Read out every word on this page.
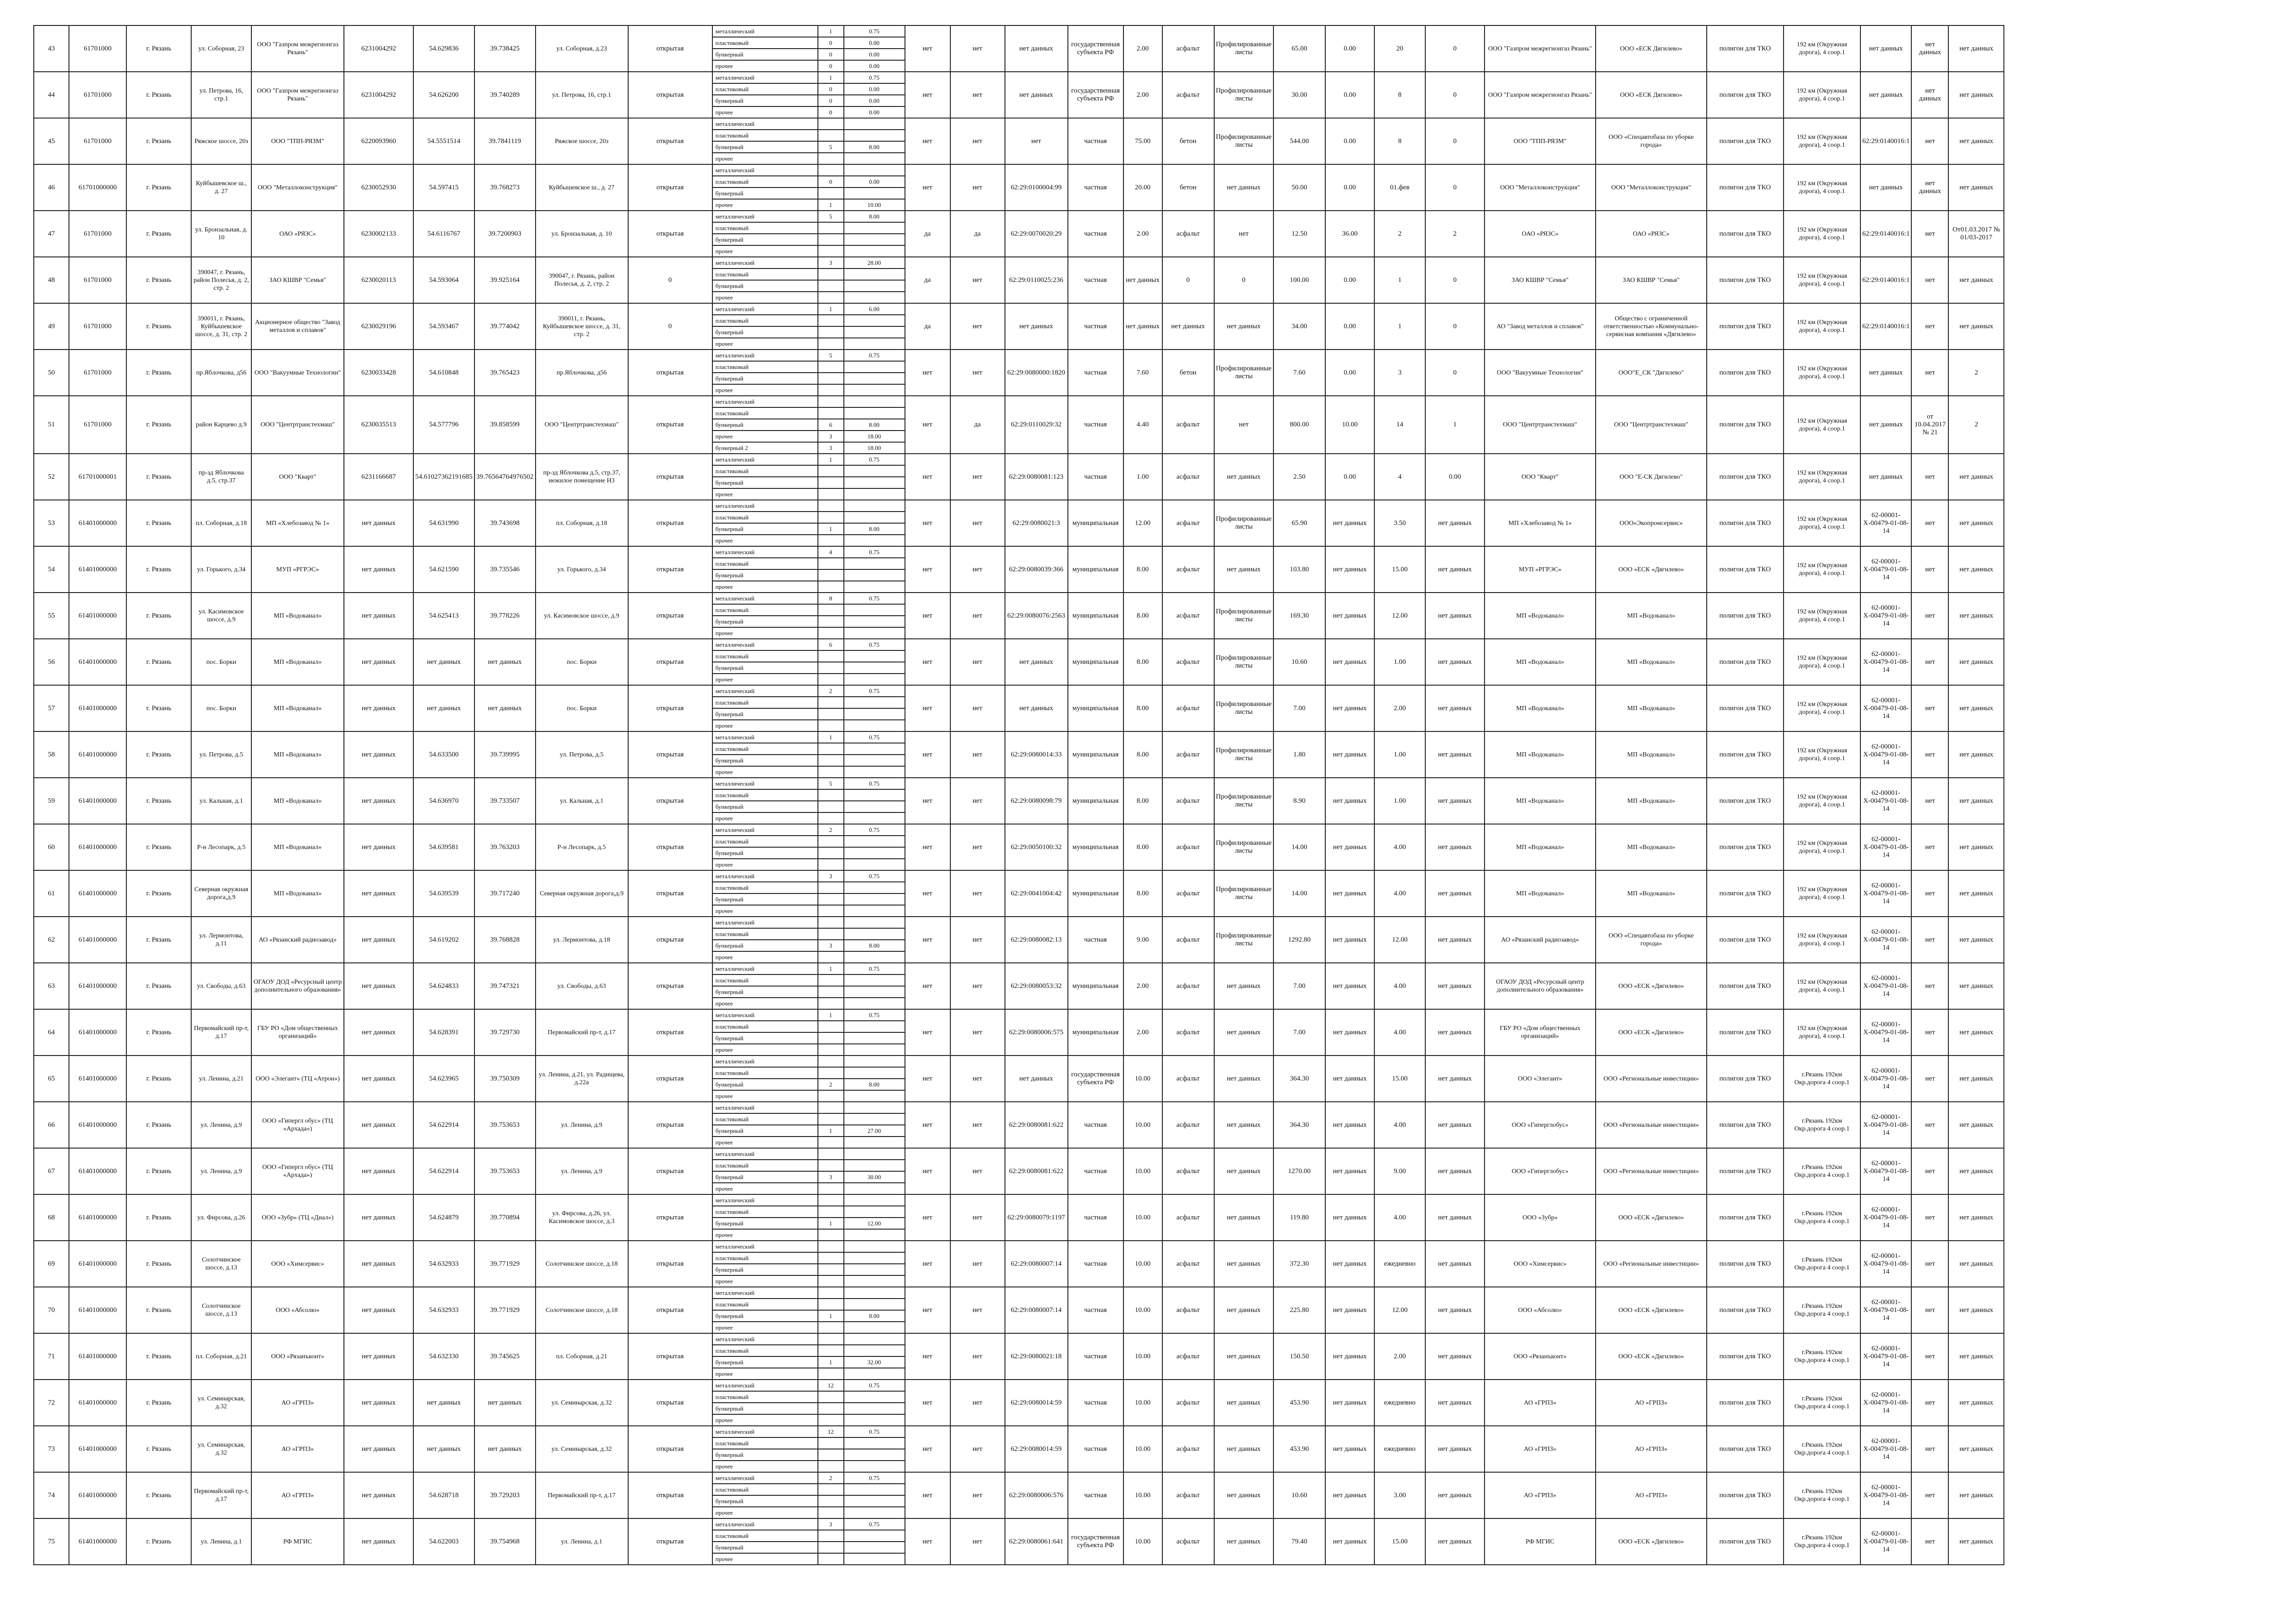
43	61701000	г. Рязань	ул. Соборная, 23	ООО "Газпром межрегионгаз Рязань"	6231004292	54.629836	39.738425	ул. Соборная, д.23	открытая	металлический	1	0.75	нет	нет	нет данных	государственная субъекта РФ	2.00	асфальт	Профилированные листы	65.00	0.00	20	0	ООО "Газпром межрегионгаз Рязань"	ООО «ЕСК Дягилево»	полигон для ТКО	192 км (Окружная дорога), 4 соор.1	нет данных	нет данных	нет данных
										пластиковый	0	0.00																		
										бункерный	0	0.00																		
										прочее	0	0.00																		
44	61701000	г. Рязань	ул. Петрова, 16, стр.1	ООО "Газпром межрегионгаз Рязань"	6231004292	54.626200	39.740289	ул. Петрова, 16, стр.1	открытая	металлический	1	0.75	нет	нет	нет данных	государственная субъекта РФ	2.00	асфальт	Профилированные листы	30.00	0.00	8	0	ООО "Газпром межрегионгаз Рязань"	ООО «ЕСК Дягилево»	полигон для ТКО	192 км (Окружная дорога), 4 соор.1	нет данных	нет данных	нет данных
										пластиковый	0	0.00																		
										бункерный	0	0.00																		
										прочее	0	0.00																		
45	61701000	г. Рязань	Ряжское шоссе, 20з	ООО "ТПП-РЯЗМ"	6220093960	54.5551514	39.7841119	Ряжское шоссе, 20з	открытая	металлический			нет	нет	нет	частная	75.00	бетон	Профилированные листы	544.00	0.00	8	0	ООО "ТПП-РЯЗМ"	ООО «Спецавтобаза по уборке города»	полигон для ТКО	192 км (Окружная дорога), 4 соор.1	62:29:0140016:1	нет	нет данных
										пластиковый																				
										бункерный	5	8.00																		
										прочее																				
46	61701000000	г. Рязань	Куйбышевское ш., д. 27	ООО "Металлоконструкция"	6230052930	54.597415	39.768273	Куйбышевское ш., д. 27	открытая	металлический			нет	нет	62:29:0100004:99	частная	20.00	бетон	нет данных	50.00	0.00	01.фев	0	ООО "Металлоконструкция"	ООО "Металлоконструкция"	полигон для ТКО	192 км (Окружная дорога), 4 соор.1	нет данных	нет данных	нет данных
										пластиковый	0	0.00																		
										бункерный																				
										прочее	1	10.00																		
47	61701000	г. Рязань	ул. Бронзальная, д. 10	ОАО «РЯЗС»	6230002133	54.6116767	39.7200903	ул. Бронзальная, д. 10	открытая	металлический	5	8.00	да	да	62:29:0070020:29	частная	2.00	асфальт	нет	12.50	36.00	2	2	ОАО «РЯЗС»	ОАО «РЯЗС»	полигон для ТКО	192 км (Окружная дорога), 4 соор.1	62:29:0140016:1	нет	От01.03.2017 № 01/03-2017
										пластиковый																				
										бункерный																				
										прочее																				
48	61701000	г. Рязань	390047, г. Рязань, район Полесья, д. 2, стр. 2	ЗАО КШВР "Семья"	6230020113	54.593064	39.925164	390047, г. Рязань, район Полесья, д. 2, стр. 2	0	металлический	3	28.00	да	нет	62:29:0110025:236	частная	нет данных	0	0	100.00	0.00	1	0	ЗАО КШВР "Семья"	ЗАО КШВР "Семья"	полигон для ТКО	192 км (Окружная дорога), 4 соор.1	62:29:0140016:1	нет	нет данных
										пластиковый																				
										бункерный																				
										прочее																				
49	61701000	г. Рязань	390011, г. Рязань, Куйбышевское шоссе, д. 31, стр. 2	Акционерное общество "Завод металлов и сплавов"	6230029196	54.593467	39.774042	390011, г. Рязань, Куйбышевское шоссе, д. 31, стр. 2	0	металлический	1	6.00	да	нет	нет данных	частная	нет данных	нет данных	нет данных	34.00	0.00	1	0	АО "Завод металлов и сплавов"	Общество с ограниченной ответственностью «Коммунально-сервисная компания «Дягилево»	полигон для ТКО	192 км (Окружная дорога), 4 соор.1	62:29:0140016:1	нет	нет данных
										пластиковый																				
										бункерный																				
										прочее																				
50	61701000	г. Рязань	пр.Яблочкова, д56	ООО "Вакуумные Технологии"	6230033428	54.610848	39.765423	пр.Яблочкова, д56	открытая	металлический	5	0.75	нет	нет	62:29:0080000:1820	частная	7.60	бетон	Профилированные листы	7.60	0.00	3	0	ООО "Вакуумные Технологии"	ООО"Е_СК "Дягилево"	полигон для ТКО	192 км (Окружная дорога), 4 соор.1	нет данных	нет	2
										пластиковый																				
										бункерный																				
										прочее																				
51	61701000	г. Рязань	район Карцево д.9	ООО "Центртранстехмаш"	6230035513	54.577796	39.858599	ООО "Центртранстехмаш"	открытая	металлический			нет	да	62:29:0110029:32	частная	4.40	асфальт	нет	800.00	10.00	14	1	ООО "Центртранстехмаш"	ООО "Центртранстехмаш"	полигон для ТКО	192 км (Окружная дорога), 4 соор.1	нет данных	от 10.04.2017 № 21	2
										пластиковый																				
										бункерный	6	8.00																		
										прочее	3	18.00																		
										бункерный 2	3	18.00																		
52	61701000001	г. Рязань	пр-зд Яблочкова д.5, стр.37	ООО "Кварт"	6231166687	54.61027362191685	39.76564764976502	пр-зд Яблочкова д.5, стр.37, нежилое помещение Н3	открытая	металлический	1	0.75	нет	нет	62:29:0080081:123	частная	1.00	асфальт	нет данных	2.50	0.00	4	0.00	ООО "Кварт"	ООО "Е-СК Дягилево"	полигон для ТКО	192 км (Окружная дорога), 4 соор.1	нет данных	нет	нет данных
										пластиковый																				
										бункерный																				
										прочее																				
53	61401000000	г. Рязань	пл. Соборная, д.18	МП «Хлебозавод № 1»	нет данных	54.631990	39.743698	пл. Соборная, д.18	открытая	металлический			нет	нет	62:29:0080021:3	муниципальная	12.00	асфальт	Профилированные листы	65.90	нет данных	3.50	нет данных	МП «Хлебозавод № 1»	ООО«Экопромсервис»	полигон для ТКО	192 км (Окружная дорога), 4 соор.1	62-00001-Х-00479-01-08-14	нет	нет данных
										пластиковый																				
										бункерный	1	8.00																		
										прочее																				
54	61401000000	г. Рязань	ул. Горького, д.34	МУП «РГРЭС»	нет данных	54.621590	39.735546	ул. Горького, д.34	открытая	металлический	4	0.75	нет	нет	62:29:0080039:366	муниципальная	8.00	асфальт	нет данных	103.80	нет данных	15.00	нет данных	МУП «РГРЭС»	ООО «ЕСК «Дягилево»	полигон для ТКО	192 км (Окружная дорога), 4 соор.1	62-00001-Х-00479-01-08-14	нет	нет данных
										пластиковый																				
										бункерный																				
										прочее																				
55	61401000000	г. Рязань	ул. Касимовское шоссе, д.9	МП «Водоканал»	нет данных	54.625413	39.778226	ул. Касимовское шоссе, д.9	открытая	металлический	8	0.75	нет	нет	62:29:0080076:2563	муниципальная	8.00	асфальт	Профилированные листы	169.30	нет данных	12.00	нет данных	МП «Водоканал»	МП «Водоканал»	полигон для ТКО	192 км (Окружная дорога), 4 соор.1	62-00001-Х-00479-01-08-14	нет	нет данных
										пластиковый																				
										бункерный																				
										прочее																				
56	61401000000	г. Рязань	пос. Борки	МП «Водоканал»	нет данных	нет данных	нет данных	пос. Борки	открытая	металлический	6	0.75	нет	нет	нет данных	муниципальная	8.00	асфальт	Профилированные листы	10.60	нет данных	1.00	нет данных	МП «Водоканал»	МП «Водоканал»	полигон для ТКО	192 км (Окружная дорога), 4 соор.1	62-00001-Х-00479-01-08-14	нет	нет данных
										пластиковый																				
										бункерный																				
										прочее																				
57	61401000000	г. Рязань	пос. Борки	МП «Водоканал»	нет данных	нет данных	нет данных	пос. Борки	открытая	металлический	2	0.75	нет	нет	нет данных	муниципальная	8.00	асфальт	Профилированные листы	7.00	нет данных	2.00	нет данных	МП «Водоканал»	МП «Водоканал»	полигон для ТКО	192 км (Окружная дорога), 4 соор.1	62-00001-Х-00479-01-08-14	нет	нет данных
										пластиковый																				
										бункерный																				
										прочее																				
58	61401000000	г. Рязань	ул. Петрова, д.5	МП «Водоканал»	нет данных	54.633500	39.739995	ул. Петрова, д.5	открытая	металлический	1	0.75	нет	нет	62:29:0080014:33	муниципальная	8.00	асфальт	Профилированные листы	1.80	нет данных	1.00	нет данных	МП «Водоканал»	МП «Водоканал»	полигон для ТКО	192 км (Окружная дорога), 4 соор.1	62-00001-Х-00479-01-08-14	нет	нет данных
										пластиковый																				
										бункерный																				
										прочее																				
59	61401000000	г. Рязань	ул. Кальная, д.1	МП «Водоканал»	нет данных	54.636970	39.733507	ул. Кальная, д.1	открытая	металлический	5	0.75	нет	нет	62:29:0080098:79	муниципальная	8.00	асфальт	Профилированные листы	8.90	нет данных	1.00	нет данных	МП «Водоканал»	МП «Водоканал»	полигон для ТКО	192 км (Окружная дорога), 4 соор.1	62-00001-Х-00479-01-08-14	нет	нет данных
										пластиковый																				
										бункерный																				
										прочее																				
60	61401000000	г. Рязань	Р-н Лесопарк, д.5	МП «Водоканал»	нет данных	54.639581	39.763203	Р-н Лесопарк, д.5	открытая	металлический	2	0.75	нет	нет	62:29:0050100:32	муниципальная	8.00	асфальт	Профилированные листы	14.00	нет данных	4.00	нет данных	МП «Водоканал»	МП «Водоканал»	полигон для ТКО	192 км (Окружная дорога), 4 соор.1	62-00001-Х-00479-01-08-14	нет	нет данных
										пластиковый																				
										бункерный																				
										прочее																				
61	61401000000	г. Рязань	Северная окружная дорога,д.9	МП «Водоканал»	нет данных	54.639539	39.717240	Северная окружная дорога,д.9	открытая	металлический	3	0.75	нет	нет	62:29:0041004:42	муниципальная	8.00	асфальт	Профилированные листы	14.00	нет данных	4.00	нет данных	МП «Водоканал»	МП «Водоканал»	полигон для ТКО	192 км (Окружная дорога), 4 соор.1	62-00001-Х-00479-01-08-14	нет	нет данных
										пластиковый																				
										бункерный																				
										прочее																				
62	61401000000	г. Рязань	ул. Лермонтова, д.11	АО «Рязанский радиозавод»	нет данных	54.619202	39.768828	ул. Лермонтова, д.18	открытая	металлический			нет	нет	62:29:0080082:13	частная	9.00	асфальт	Профилированные листы	1292.80	нет данных	12.00	нет данных	АО «Рязанский радиозавод»	ООО «Спецавтобаза по уборке города»	полигон для ТКО	192 км (Окружная дорога), 4 соор.1	62-00001-Х-00479-01-08-14	нет	нет данных
										пластиковый																				
										бункерный	3	8.00																		
										прочее																				
63	61401000000	г. Рязань	ул. Свободы, д.63	ОГАОУ ДОД «Ресурсный центр дополнительного образования»	нет данных	54.624833	39.747321	ул. Свободы, д.63	открытая	металлический	1	0.75	нет	нет	62:29:0080053:32	муниципальная	2.00	асфальт	нет данных	7.00	нет данных	4.00	нет данных	ОГАОУ ДОД «Ресурсный центр дополнительного образования»	ООО «ЕСК «Дягилево»	полигон для ТКО	192 км (Окружная дорога), 4 соор.1	62-00001-Х-00479-01-08-14	нет	нет данных
										пластиковый																				
										бункерный																				
										прочее																				
64	61401000000	г. Рязань	Первомайский пр-т, д.17	ГБУ РО «Дом общественных организаций»	нет данных	54.628391	39.729730	Первомайский пр-т, д.17	открытая	металлический	1	0.75	нет	нет	62:29:0080006:575	муниципальная	2.00	асфальт	нет данных	7.00	нет данных	4.00	нет данных	ГБУ РО «Дом общественных организаций»	ООО «ЕСК «Дягилево»	полигон для ТКО	192 км (Окружная дорога), 4 соор.1	62-00001-Х-00479-01-08-14	нет	нет данных
										пластиковый																				
										бункерный																				
										прочее																				
65	61401000000	г. Рязань	ул. Ленина, д.21	ООО «Элегант» (ТЦ «Атрон»)	нет данных	54.623965	39.750309	ул. Ленина, д.21, ул. Радищева, д.22а	открытая	металлический			нет	нет	нет данных	государственная субъекта РФ	10.00	асфальт	нет данных	364.30	нет данных	15.00	нет данных	ООО «Элегант»	ООО «Региональные инвестиции»	полигон для ТКО	г.Рязань 192км Окр.дорога 4 соор.1	62-00001-Х-00479-01-08-14	нет	нет данных
										пластиковый																				
										бункерный	2	8.00																		
										прочее																				
66	61401000000	г. Рязань	ул. Ленина, д.9	ООО «Гипергл обус» (ТЦ «Архада»)	нет данных	54.622914	39.753653	ул. Ленина, д.9	открытая	металлический			нет	нет	62:29:0080081:622	частная	10.00	асфальт	нет данных	364.30	нет данных	4.00	нет данных	ООО «Гиперглобус»	ООО «Региональные инвестиции»	полигон для ТКО	г.Рязань 192км Окр.дорога 4 соор.1	62-00001-Х-00479-01-08-14	нет	нет данных
										пластиковый																				
										бункерный	1	27.00																		
										прочее																				
67	61401000000	г. Рязань	ул. Ленина, д.9	ООО «Гипергл обус» (ТЦ «Архада»)	нет данных	54.622914	39.753653	ул. Ленина, д.9	открытая	металлический			нет	нет	62:29:0080081:622	частная	10.00	асфальт	нет данных	1270.00	нет данных	9.00	нет данных	ООО «Гиперглобус»	ООО «Региональные инвестиции»	полигон для ТКО	г.Рязань 192км Окр.дорога 4 соор.1	62-00001-Х-00479-01-08-14	нет	нет данных
										пластиковый																				
										бункерный	3	30.00																		
										прочее																				
68	61401000000	г. Рязань	ул. Фирсова, д.26	ООО «Зубр» (ТЦ «Диал»)	нет данных	54.624879	39.770894	ул. Фирсова, д.26, ул. Касимовское шоссе, д.3	открытая	металлический			нет	нет	62:29:0080079:1197	частная	10.00	асфальт	нет данных	119.80	нет данных	4.00	нет данных	ООО «Зубр»	ООО «ЕСК «Дягилево»	полигон для ТКО	г.Рязань 192км Окр.дорога 4 соор.1	62-00001-Х-00479-01-08-14	нет	нет данных
										пластиковый																				
										бункерный	1	12.00																		
										прочее																				
69	61401000000	г. Рязань	Солотчинское шоссе, д.13	ООО «Химсервис»	нет данных	54.632933	39.771929	Солотчинское шоссе, д.18	открытая	металлический			нет	нет	62:29:0080007:14	частная	10.00	асфальт	нет данных	372.30	нет данных	ежедневно	нет данных	ООО «Химсервис»	ООО «Региональные инвестиции»	полигон для ТКО	г.Рязань 192км Окр.дорога 4 соор.1	62-00001-Х-00479-01-08-14	нет	нет данных
										пластиковый																				
										бункерный																				
										прочее																				
70	61401000000	г. Рязань	Солотчинское шоссе, д.13	ООО «Абсолю»	нет данных	54.632933	39.771929	Солотчинское шоссе, д.18	открытая	металлический			нет	нет	62:29:0080007:14	частная	10.00	асфальт	нет данных	225.80	нет данных	12.00	нет данных	ООО «Абсолю»	ООО «ЕСК «Дягилево»	полигон для ТКО	г.Рязань 192км Окр.дорога 4 соор.1	62-00001-Х-00479-01-08-14	нет	нет данных
										пластиковый																				
										бункерный	1	8.00																		
										прочее																				
71	61401000000	г. Рязань	пл. Соборная, д.21	ООО «Рязанъконт»	нет данных	54.632330	39.745625	пл. Соборная, д.21	открытая	металлический			нет	нет	62:29:0080021:18	частная	10.00	асфальт	нет данных	150.50	нет данных	2.00	нет данных	ООО «Рязанъконт»	ООО «ЕСК «Дягилево»	полигон для ТКО	г.Рязань 192км Окр.дорога 4 соор.1	62-00001-Х-00479-01-08-14	нет	нет данных
										пластиковый																				
										бункерный	1	32.00																		
										прочее																				
72	61401000000	г. Рязань	ул. Семинарская, д.32	АО «ГРПЗ»	нет данных	нет данных	нет данных	ул. Семинарская, д.32	открытая	металлический	12	0.75	нет	нет	62:29:0080014:59	частная	10.00	асфальт	нет данных	453.90	нет данных	ежедневно	нет данных	АО «ГРПЗ»	АО «ГРПЗ»	полигон для ТКО	г.Рязань 192км Окр.дорога 4 соор.1	62-00001-Х-00479-01-08-14	нет	нет данных
										пластиковый																				
										бункерный																				
										прочее																				
73	61401000000	г. Рязань	ул. Семинарская, д.32	АО «ГРПЗ»	нет данных	нет данных	нет данных	ул. Семинарская, д.32	открытая	металлический	12	0.75	нет	нет	62:29:0080014:59	частная	10.00	асфальт	нет данных	453.90	нет данных	ежедневно	нет данных	АО «ГРПЗ»	АО «ГРПЗ»	полигон для ТКО	г.Рязань 192км Окр.дорога 4 соор.1	62-00001-Х-00479-01-08-14	нет	нет данных
										пластиковый																				
										бункерный																				
										прочее																				
74	61401000000	г. Рязань	Первомайский пр-т, д.17	АО «ГРПЗ»	нет данных	54.628718	39.729203	Первомайский пр-т, д.17	открытая	металлический	2	0.75	нет	нет	62:29:0080006:576	частная	10.00	асфальт	нет данных	10.60	нет данных	3.00	нет данных	АО «ГРПЗ»	АО «ГРПЗ»	полигон для ТКО	г.Рязань 192км Окр.дорога 4 соор.1	62-00001-Х-00479-01-08-14	нет	нет данных
										пластиковый																				
										бункерный																				
										прочее																				
75	61401000000	г. Рязань	ул. Ленина, д.1	РФ МГИС	нет данных	54.622003	39.754968	ул. Ленина, д.1	открытая	металлический	3	0.75	нет	нет	62:29:0080061:641	государственная субъекта РФ	10.00	асфальт	нет данных	79.40	нет данных	15.00	нет данных	РФ МГИС	ООО «ЕСК «Дягилево»	полигон для ТКО	г.Рязань 192км Окр.дорога 4 соор.1	62-00001-Х-00479-01-08-14	нет	нет данных
										пластиковый																				
										бункерный																				
										прочее																				
